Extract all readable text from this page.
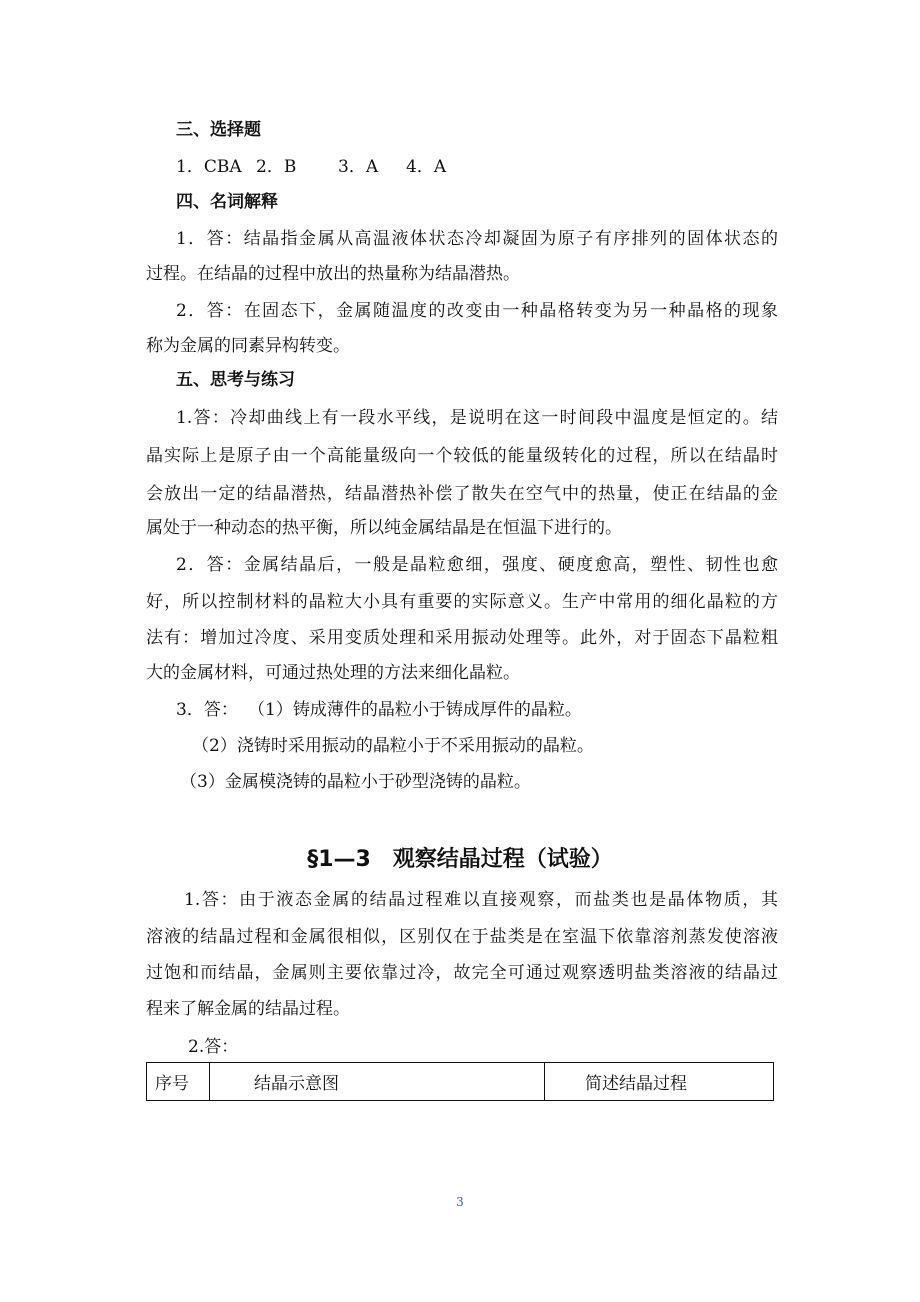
三、选择题
1．CBA 2．B 3．A 4．A
四、名词解释
1．答：结晶指金属从高温液体状态冷却凝固为原子有序排列的固体状态的
过程。在结晶的过程中放出的热量称为结晶潜热。
2．答：在固态下，金属随温度的改变由一种晶格转变为另一种晶格的现象
称为金属的同素异构转变。
五、思考与练习
1.答：冷却曲线上有一段水平线，是说明在这一时间段中温度是恒定的。结
晶实际上是原子由一个高能量级向一个较低的能量级转化的过程，所以在结晶时
会放出一定的结晶潜热，结晶潜热补偿了散失在空气中的热量，使正在结晶的金
属处于一种动态的热平衡，所以纯金属结晶是在恒温下进行的。
2．答：金属结晶后，一般是晶粒愈细，强度、硬度愈高，塑性、韧性也愈
好，所以控制材料的晶粒大小具有重要的实际意义。生产中常用的细化晶粒的方
法有：增加过冷度、采用变质处理和采用振动处理等。此外，对于固态下晶粒粗
大的金属材料，可通过热处理的方法来细化晶粒。
3．答： （1）铸成薄件的晶粒小于铸成厚件的晶粒。
（2）浇铸时采用振动的晶粒小于不采用振动的晶粒。
（3）金属模浇铸的晶粒小于砂型浇铸的晶粒。
§1—3　观察结晶过程（试验）
1.答：由于液态金属的结晶过程难以直接观察，而盐类也是晶体物质，其
溶液的结晶过程和金属很相似，区别仅在于盐类是在室温下依靠溶剂蒸发使溶液
过饱和而结晶，金属则主要依靠过冷，故完全可通过观察透明盐类溶液的结晶过
程来了解金属的结晶过程。
2.答：
序号	结晶示意图	简述结晶过程
3
